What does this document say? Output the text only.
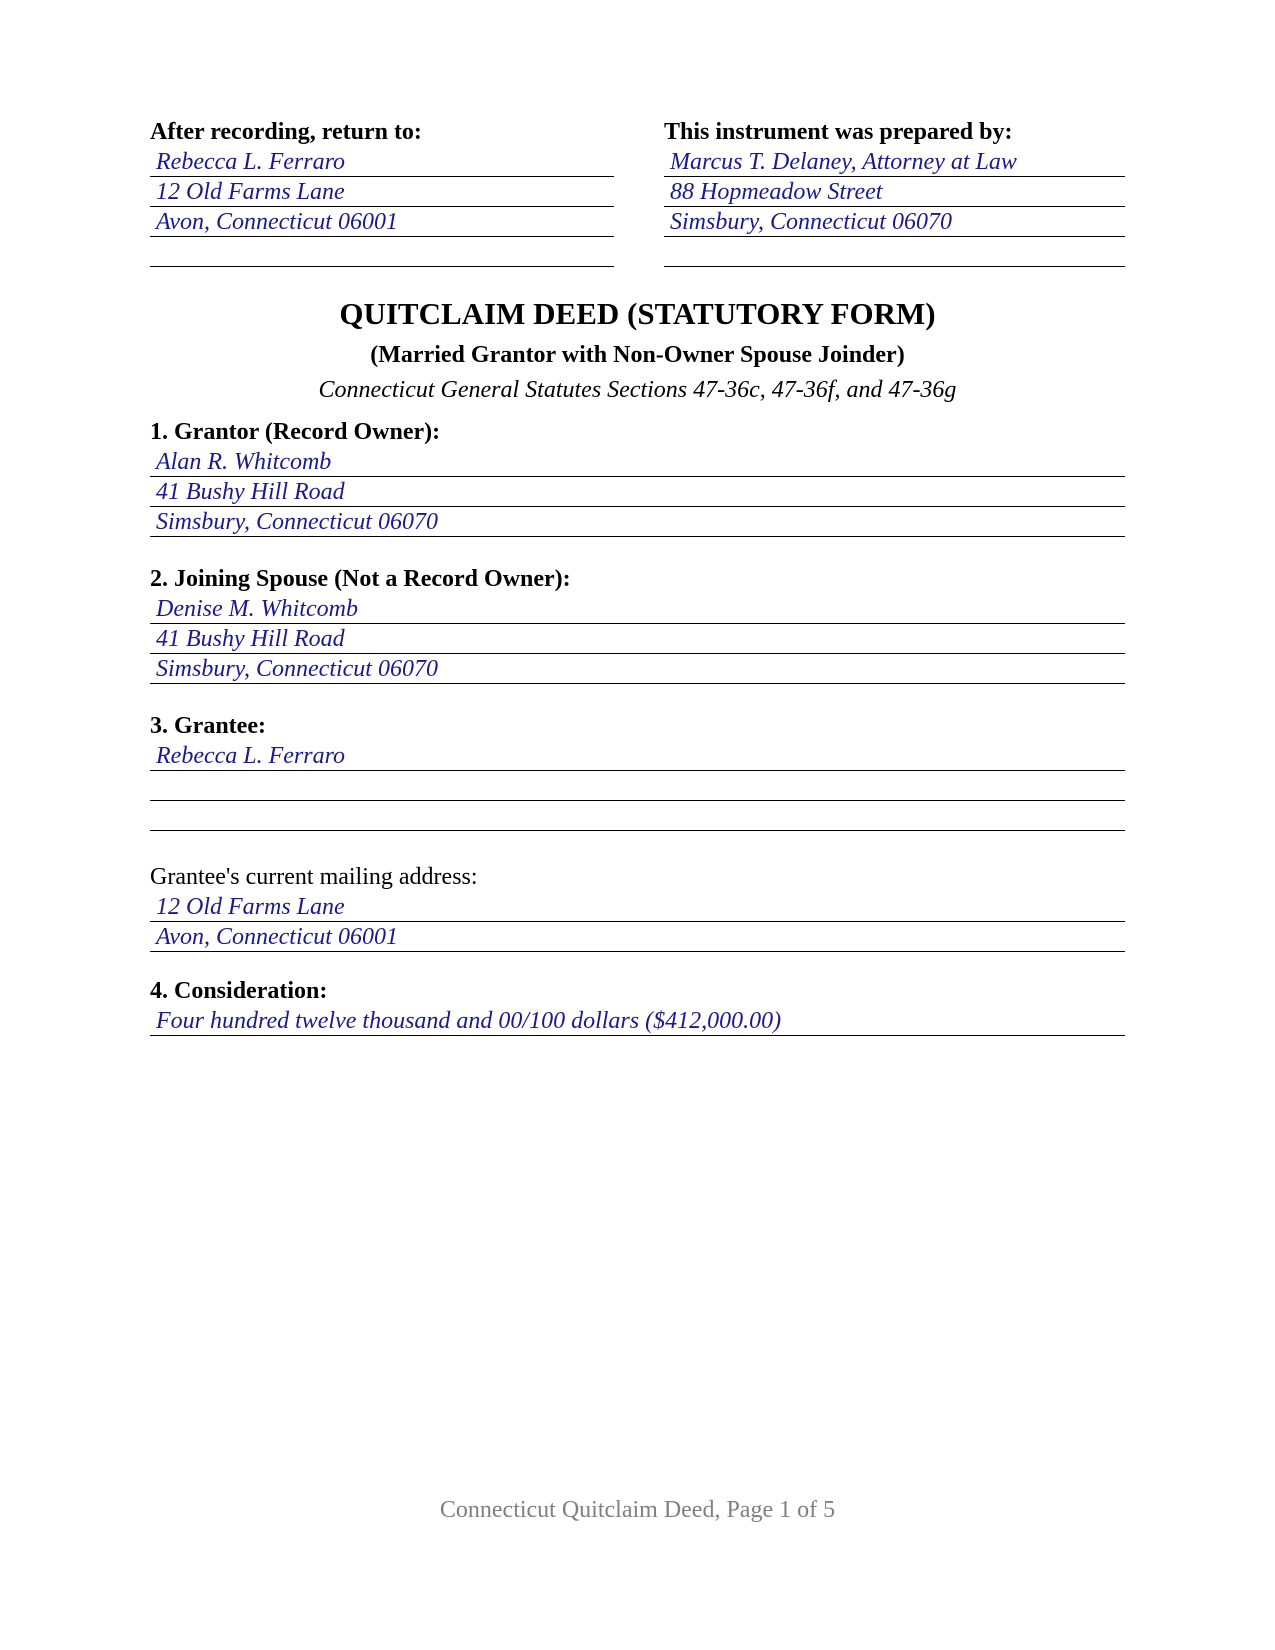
After recording, return to:
Rebecca L. Ferraro
12 Old Farms Lane
Avon, Connecticut 06001
This instrument was prepared by:
Marcus T. Delaney, Attorney at Law
88 Hopmeadow Street
Simsbury, Connecticut 06070
QUITCLAIM DEED (STATUTORY FORM)
(Married Grantor with Non-Owner Spouse Joinder)
Connecticut General Statutes Sections 47-36c, 47-36f, and 47-36g
1. Grantor (Record Owner):
Alan R. Whitcomb
41 Bushy Hill Road
Simsbury, Connecticut 06070
2. Joining Spouse (Not a Record Owner):
Denise M. Whitcomb
41 Bushy Hill Road
Simsbury, Connecticut 06070
3. Grantee:
Rebecca L. Ferraro
Grantee's current mailing address:
12 Old Farms Lane
Avon, Connecticut 06001
4. Consideration:
Four hundred twelve thousand and 00/100 dollars ($412,000.00)
Connecticut Quitclaim Deed, Page 1 of 5
